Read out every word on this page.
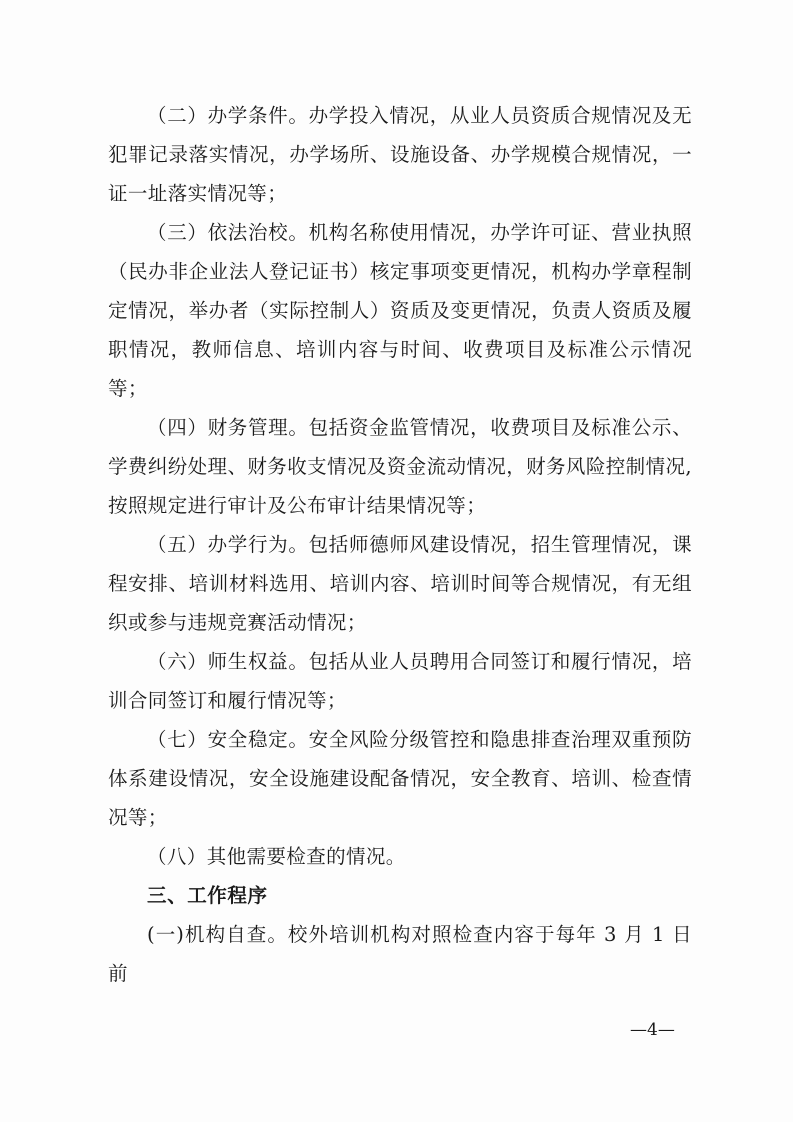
（二）办学条件。办学投入情况，从业人员资质合规情况及无犯罪记录落实情况，办学场所、设施设备、办学规模合规情况，一证一址落实情况等；

（三）依法治校。机构名称使用情况，办学许可证、营业执照（民办非企业法人登记证书）核定事项变更情况，机构办学章程制定情况，举办者（实际控制人）资质及变更情况，负责人资质及履职情况，教师信息、培训内容与时间、收费项目及标准公示情况等；

（四）财务管理。包括资金监管情况，收费项目及标准公示、学费纠纷处理、财务收支情况及资金流动情况，财务风险控制情况,按照规定进行审计及公布审计结果情况等；

（五）办学行为。包括师德师风建设情况，招生管理情况，课程安排、培训材料选用、培训内容、培训时间等合规情况，有无组织或参与违规竞赛活动情况；

（六）师生权益。包括从业人员聘用合同签订和履行情况，培训合同签订和履行情况等；

（七）安全稳定。安全风险分级管控和隐患排查治理双重预防体系建设情况，安全设施建设配备情况，安全教育、培训、检查情况等；

（八）其他需要检查的情况。

三、工作程序

(一)机构自查。校外培训机构对照检查内容于每年 3 月 1 日前

—4—
